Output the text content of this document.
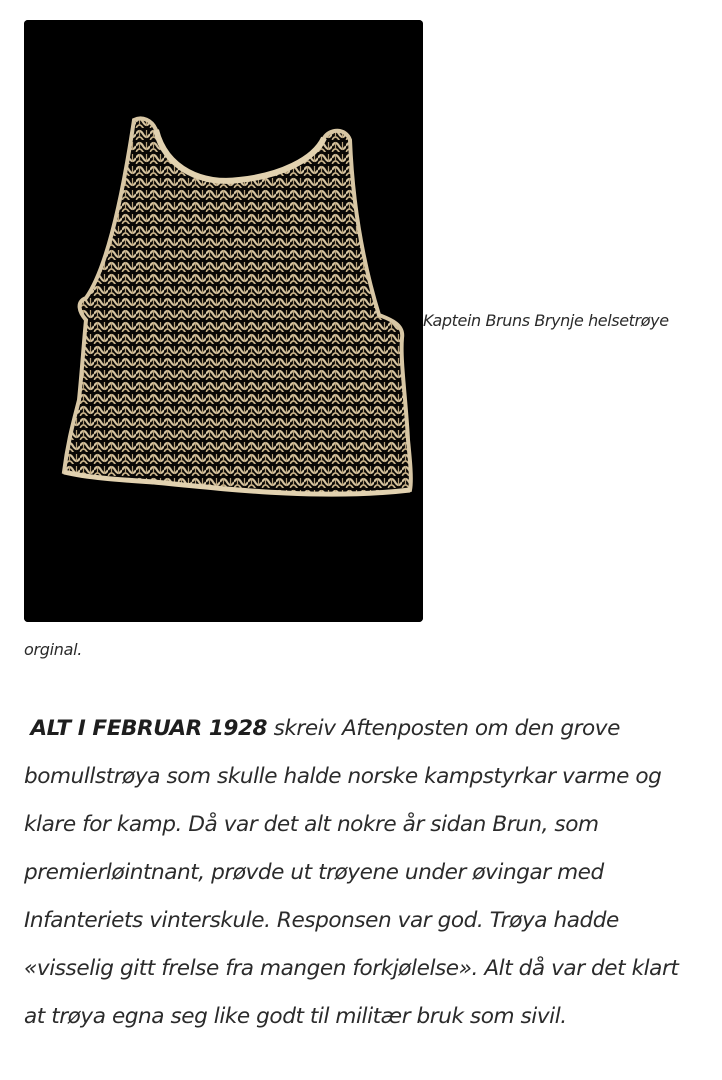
Kaptein Bruns Brynje helsetrøye
orginal.

ALT I FEBRUAR 1928 skreiv Aftenposten om den grove
bomullstrøya som skulle halde norske kampstyrkar varme og
klare for kamp. Då var det alt nokre år sidan Brun, som
premierløintnant, prøvde ut trøyene under øvingar med
Infanteriets vinterskule. Responsen var god. Trøya hadde
«visselig gitt frelse fra mangen forkjølelse». Alt då var det klart
at trøya egna seg like godt til militær bruk som sivil.
